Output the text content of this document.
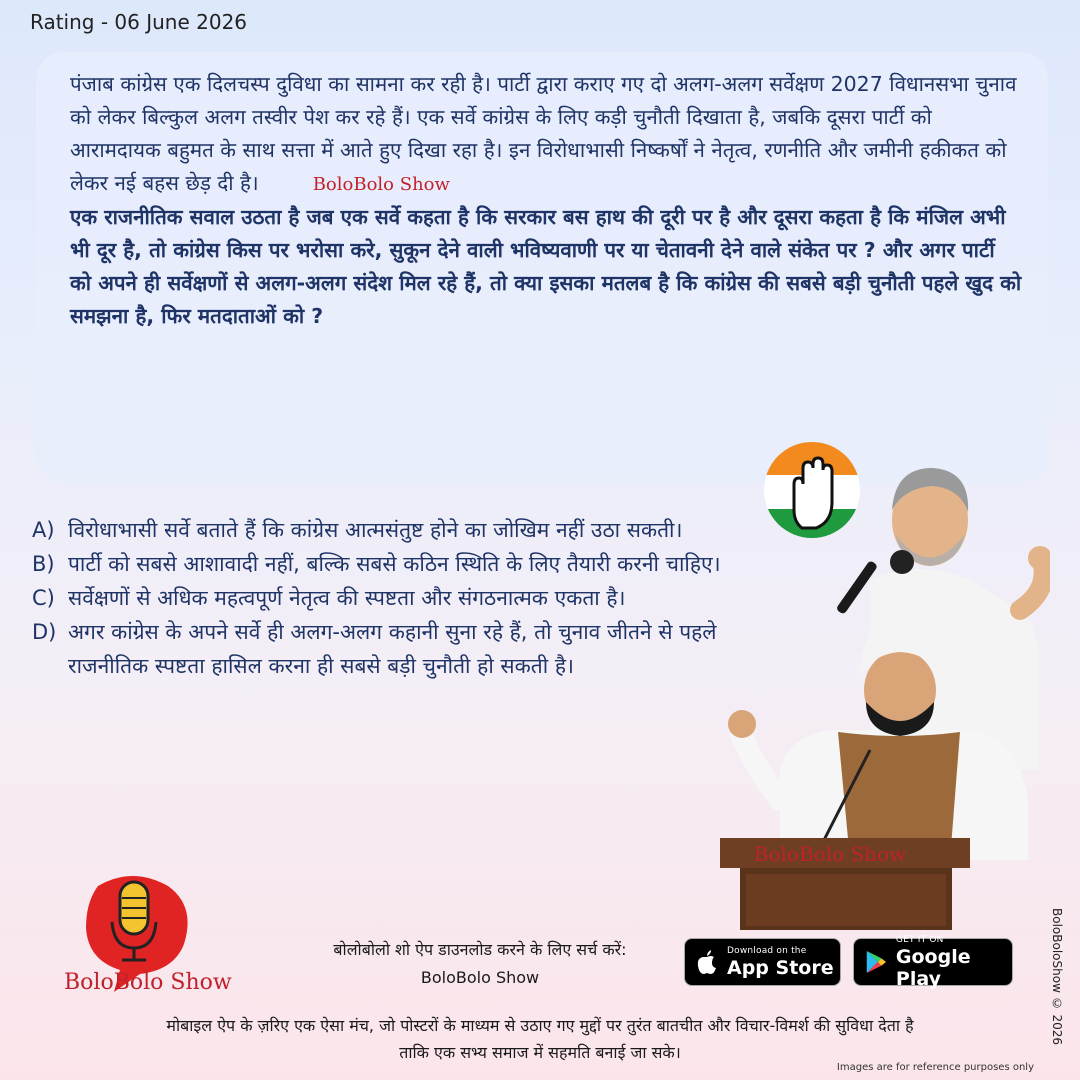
Rating - 06 June 2026

पंजाब कांग्रेस एक दिलचस्प दुविधा का सामना कर रही है। पार्टी द्वारा कराए गए दो अलग-अलग सर्वेक्षण 2027 विधानसभा चुनाव को लेकर बिल्कुल अलग तस्वीर पेश कर रहे हैं। एक सर्वे कांग्रेस के लिए कड़ी चुनौती दिखाता है, जबकि दूसरा पार्टी को आरामदायक बहुमत के साथ सत्ता में आते हुए दिखा रहा है। इन विरोधाभासी निष्कर्षों ने नेतृत्व, रणनीति और जमीनी हकीकत को लेकर नई बहस छेड़ दी है।	BoloBolo Show

एक राजनीतिक सवाल उठता है जब एक सर्वे कहता है कि सरकार बस हाथ की दूरी पर है और दूसरा कहता है कि मंजिल अभी भी दूर है, तो कांग्रेस किस पर भरोसा करे, सुकून देने वाली भविष्यवाणी पर या चेतावनी देने वाले संकेत पर ? और अगर पार्टी को अपने ही सर्वेक्षणों से अलग-अलग संदेश मिल रहे हैं, तो क्या इसका मतलब है कि कांग्रेस की सबसे बड़ी चुनौती पहले खुद को समझना है, फिर मतदाताओं को ?

A) विरोधाभासी सर्वे बताते हैं कि कांग्रेस आत्मसंतुष्ट होने का जोखिम नहीं उठा सकती।
B) पार्टी को सबसे आशावादी नहीं, बल्कि सबसे कठिन स्थिति के लिए तैयारी करनी चाहिए।
C) सर्वेक्षणों से अधिक महत्वपूर्ण नेतृत्व की स्पष्टता और संगठनात्मक एकता है।
D) अगर कांग्रेस के अपने सर्वे ही अलग-अलग कहानी सुना रहे हैं, तो चुनाव जीतने से पहले राजनीतिक स्पष्टता हासिल करना ही सबसे बड़ी चुनौती हो सकती है।
BoloBolo Show
BoloBolo Show
बोलोबोलो शो ऐप डाउनलोड करने के लिए सर्च करें:
BoloBolo Show
Download on the
App Store
GET IT ON
Google Play
मोबाइल ऐप के ज़रिए एक ऐसा मंच, जो पोस्टरों के माध्यम से उठाए गए मुद्दों पर तुरंत बातचीत और विचार-विमर्श की सुविधा देता है
ताकि एक सभ्य समाज में सहमति बनाई जा सके।
Images are for reference purposes only
BoloBoloShow © 2026
